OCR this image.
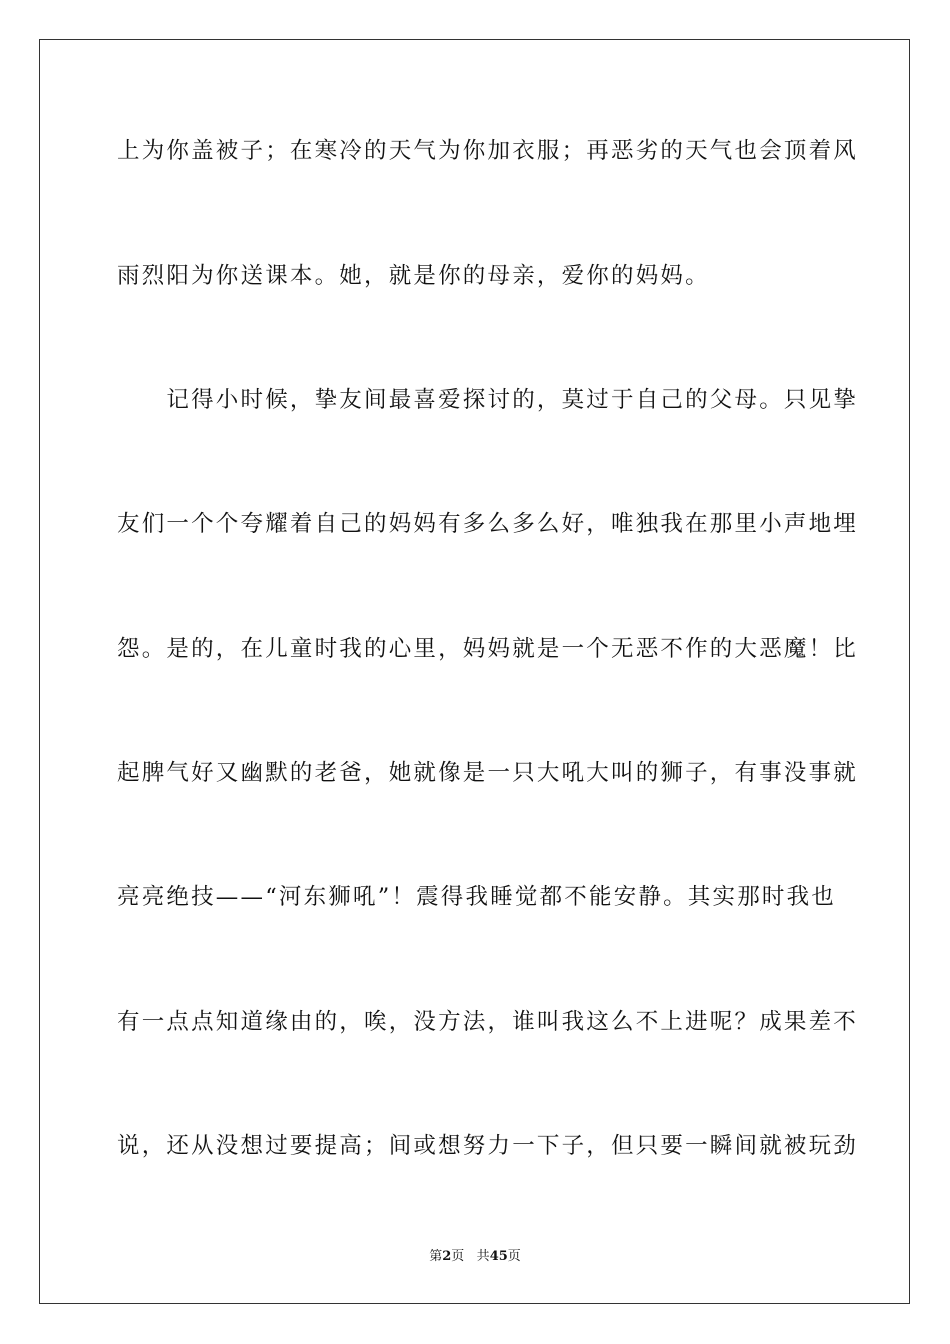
上为你盖被子；在寒冷的天气为你加衣服；再恶劣的天气也会顶着风
雨烈阳为你送课本。她，就是你的母亲，爱你的妈妈。
　　记得小时候，挚友间最喜爱探讨的，莫过于自己的父母。只见挚
友们一个个夸耀着自己的妈妈有多么多么好，唯独我在那里小声地埋
怨。是的，在儿童时我的心里，妈妈就是一个无恶不作的大恶魔！比
起脾气好又幽默的老爸，她就像是一只大吼大叫的狮子，有事没事就
亮亮绝技——“河东狮吼”！震得我睡觉都不能安静。其实那时我也
有一点点知道缘由的，唉，没方法，谁叫我这么不上进呢？成果差不
说，还从没想过要提高；间或想努力一下子，但只要一瞬间就被玩劲
第2页 共45页
